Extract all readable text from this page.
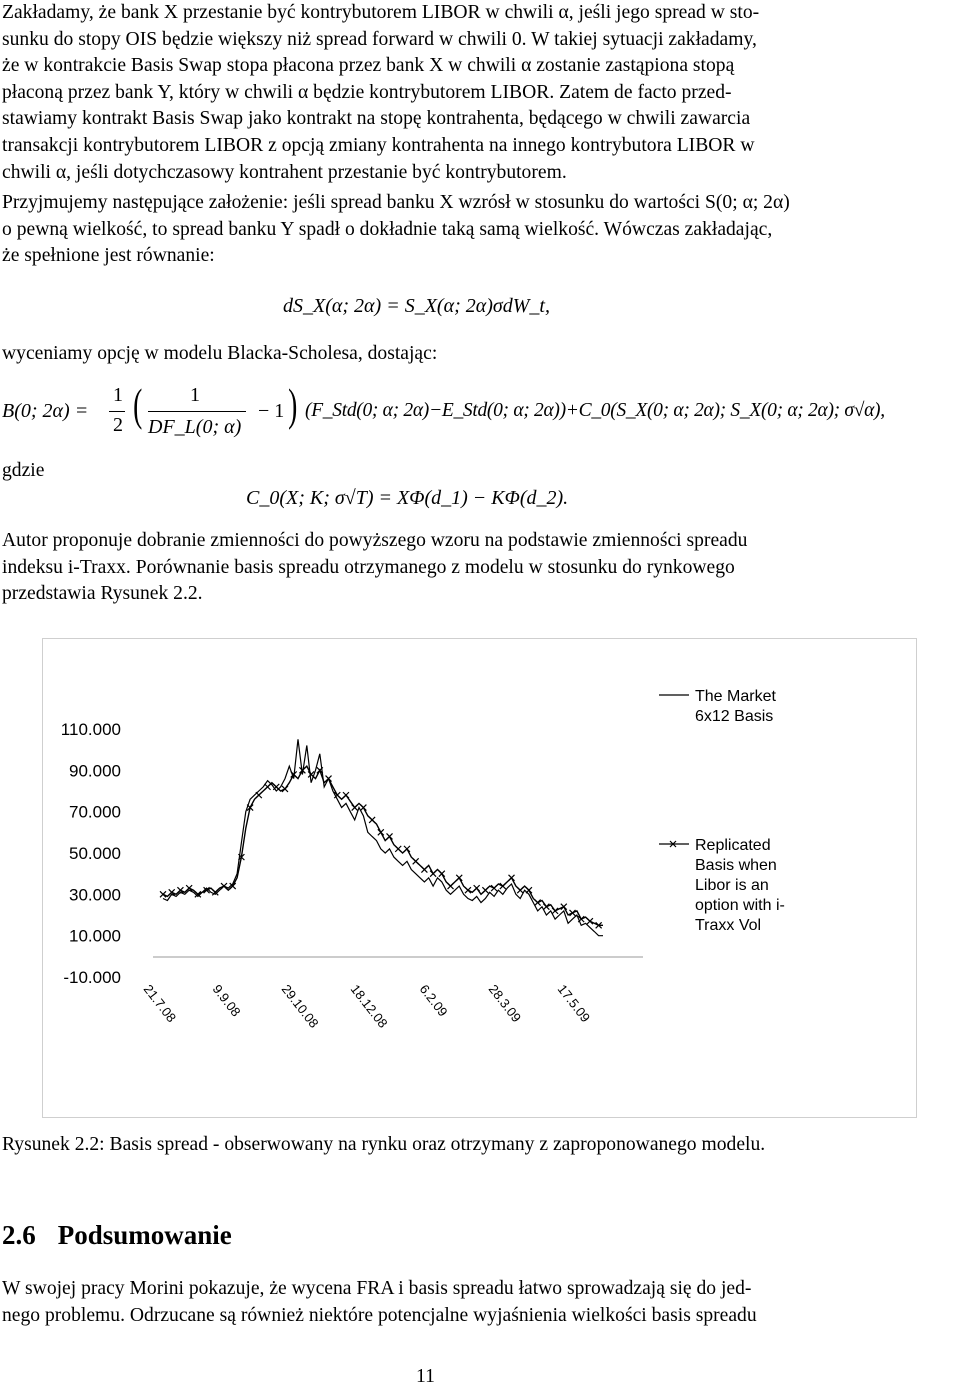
Zakładamy, że bank X przestanie być kontrybutorem LIBOR w chwili α, jeśli jego spread w sto-
sunku do stopy OIS będzie większy niż spread forward w chwili 0. W takiej sytuacji zakładamy,
że w kontrakcie Basis Swap stopa płacona przez bank X w chwili α zostanie zastąpiona stopą
płaconą przez bank Y, który w chwili α będzie kontrybutorem LIBOR. Zatem de facto przed-
stawiamy kontrakt Basis Swap jako kontrakt na stopę kontrahenta, będącego w chwili zawarcia
transakcji kontrybutorem LIBOR z opcją zmiany kontrahenta na innego kontrybutora LIBOR w
chwili α, jeśli dotychczasowy kontrahent przestanie być kontrybutorem.

Przyjmujemy następujące założenie: jeśli spread banku X wzrósł w stosunku do wartości S(0; α; 2α)
o pewną wielkość, to spread banku Y spadł o dokładnie taką samą wielkość. Wówczas zakładając,
że spełnione jest równanie:

dS_X(α; 2α) = S_X(α; 2α)σdW_t,

wyceniamy opcję w modelu Blacka-Scholesa, dostając:

B(0; 2α) =
1
2 ( 1
DF_L(0; α)
− 1 ) (F_Std(0; α; 2α)−E_Std(0; α; 2α))+C_0(S_X(0; α; 2α); S_X(0; α; 2α); σ√α),
gdzie
C_0(X; K; σ√T) = XΦ(d_1) − KΦ(d_2).

Autor proponuje dobranie zmienności do powyższego wzoru na podstawie zmienności spreadu
indeksu i-Traxx. Porównanie basis spreadu otrzymanego z modelu w stosunku do rynkowego
przedstawia Rysunek 2.2.

110.000
90.000
70.000
50.000
30.000
10.000
-10.000
21.7.08 9.9.08	29.10.08 18.12.08 6.2.09	28.3.09 17.5.09
The Market
6x12 Basis
Replicated
Basis when
Libor is an
option with i-
Traxx Vol
Rysunek 2.2: Basis spread - obserwowany na rynku oraz otrzymany z zaproponowanego modelu.
2.6 Podsumowanie

W swojej pracy Morini pokazuje, że wycena FRA i basis spreadu łatwo sprowadzają się do jed-
nego problemu. Odrzucane są również niektóre potencjalne wyjaśnienia wielkości basis spreadu

11
